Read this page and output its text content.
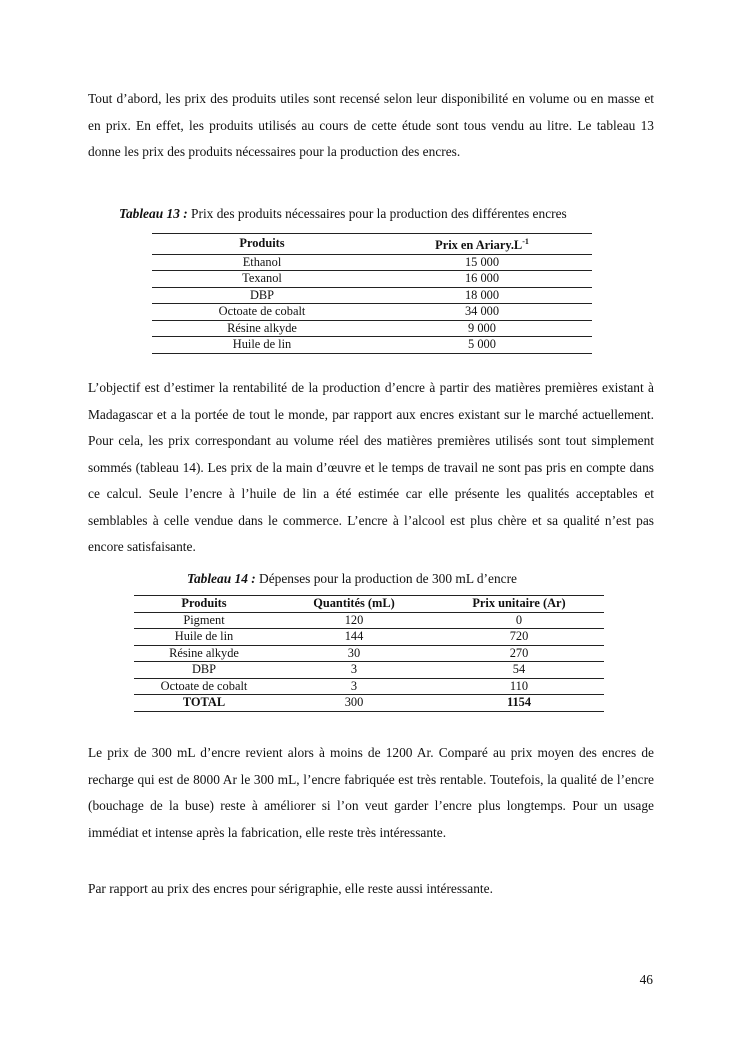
Tout d’abord, les prix des produits utiles sont recensé selon leur disponibilité en volume ou en masse et en prix. En effet, les produits utilisés au cours de cette étude sont tous vendu au litre. Le tableau 13 donne les prix des produits nécessaires pour la production des encres.

Tableau 13 : Prix des produits nécessaires pour la production des différentes encres
Produits	Prix en $Ariary.L^{-1}$
Ethanol	15 000
Texanol	16 000
DBP	18 000
Octoate de cobalt	34 000
Résine alkyde	9 000
Huile de lin	5 000

L’objectif est d’estimer la rentabilité de la production d’encre à partir des matières premières existant à Madagascar et a la portée de tout le monde, par rapport aux encres existant sur le marché actuellement. Pour cela, les prix correspondant au volume réel des matières premières utilisés sont tout simplement sommés (tableau 14). Les prix de la main d’œuvre et le temps de travail ne sont pas pris en compte dans ce calcul. Seule l’encre à l’huile de lin a été estimée car elle présente les qualités acceptables et semblables à celle vendue dans le commerce. L’encre à l’alcool est plus chère et sa qualité n’est pas encore satisfaisante.

Tableau 14 : Dépenses pour la production de 300 mL d’encre
Produits	Quantités (mL)	Prix unitaire (Ar)
Pigment	120	0
Huile de lin	144	720
Résine alkyde	30	270
DBP	3	54
Octoate de cobalt	3	110
TOTAL	300	1154

Le prix de 300 mL d’encre revient alors à moins de 1200 Ar. Comparé au prix moyen des encres de recharge qui est de 8000 Ar le 300 mL, l’encre fabriquée est très rentable. Toutefois, la qualité de l’encre (bouchage de la buse) reste à améliorer si l’on veut garder l’encre plus longtemps. Pour un usage immédiat et intense après la fabrication, elle reste très intéressante.

Par rapport au prix des encres pour sérigraphie, elle reste aussi intéressante.

46
